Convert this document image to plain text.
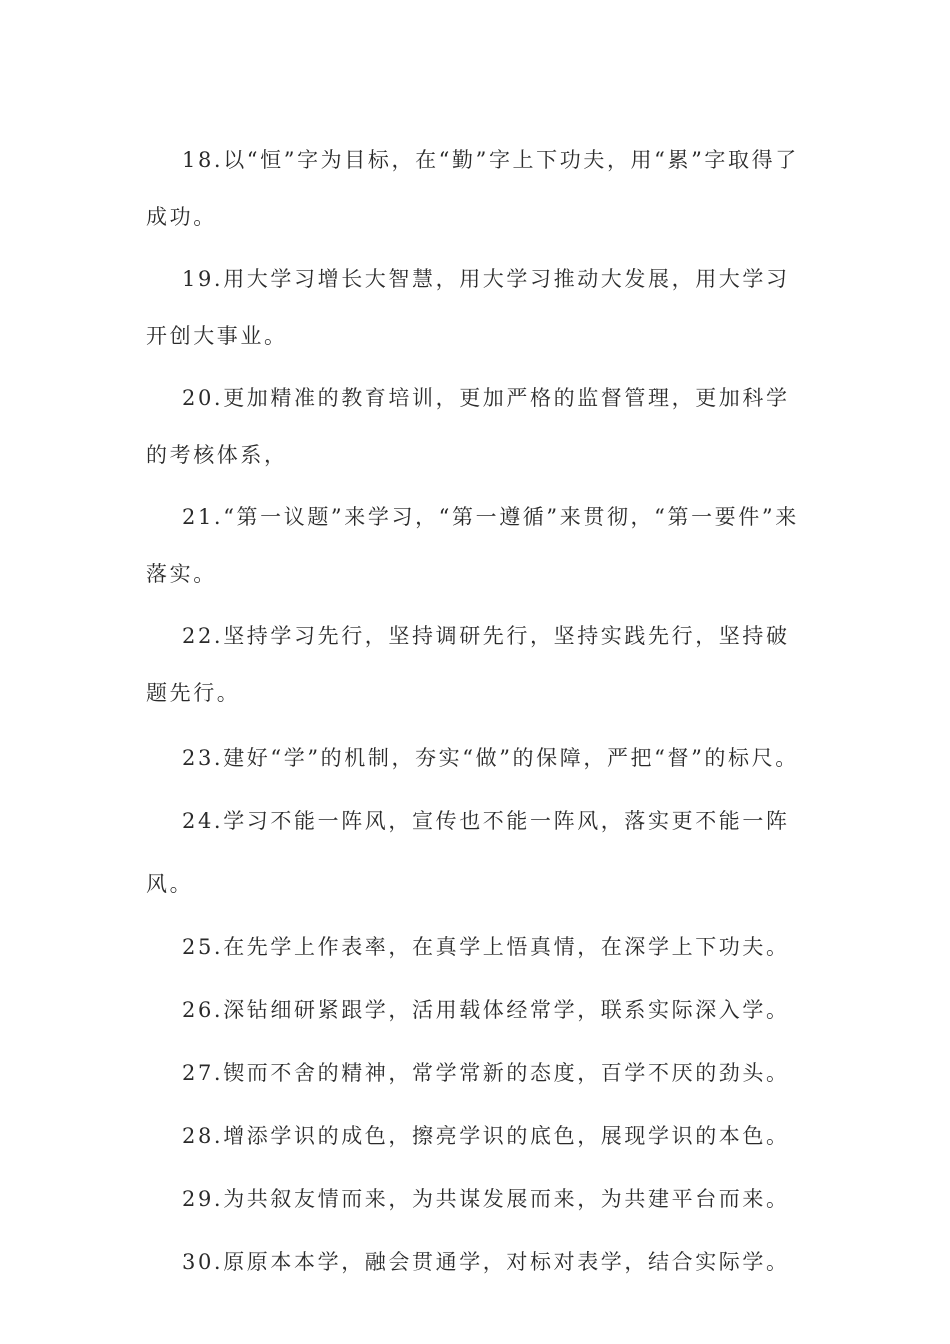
18.以“恒”字为目标，在“勤”字上下功夫，用“累”字取得了成功。

19.用大学习增长大智慧，用大学习推动大发展，用大学习开创大事业。

20.更加精准的教育培训，更加严格的监督管理，更加科学的考核体系，

21.“第一议题”来学习，“第一遵循”来贯彻，“第一要件”来落实。

22.坚持学习先行，坚持调研先行，坚持实践先行，坚持破题先行。

23.建好“学”的机制，夯实“做”的保障，严把“督”的标尺。

24.学习不能一阵风，宣传也不能一阵风，落实更不能一阵风。

25.在先学上作表率，在真学上悟真情，在深学上下功夫。

26.深钻细研紧跟学，活用载体经常学，联系实际深入学。

27.锲而不舍的精神，常学常新的态度，百学不厌的劲头。

28.增添学识的成色，擦亮学识的底色，展现学识的本色。

29.为共叙友情而来，为共谋发展而来，为共建平台而来。

30.原原本本学，融会贯通学，对标对表学，结合实际学。
